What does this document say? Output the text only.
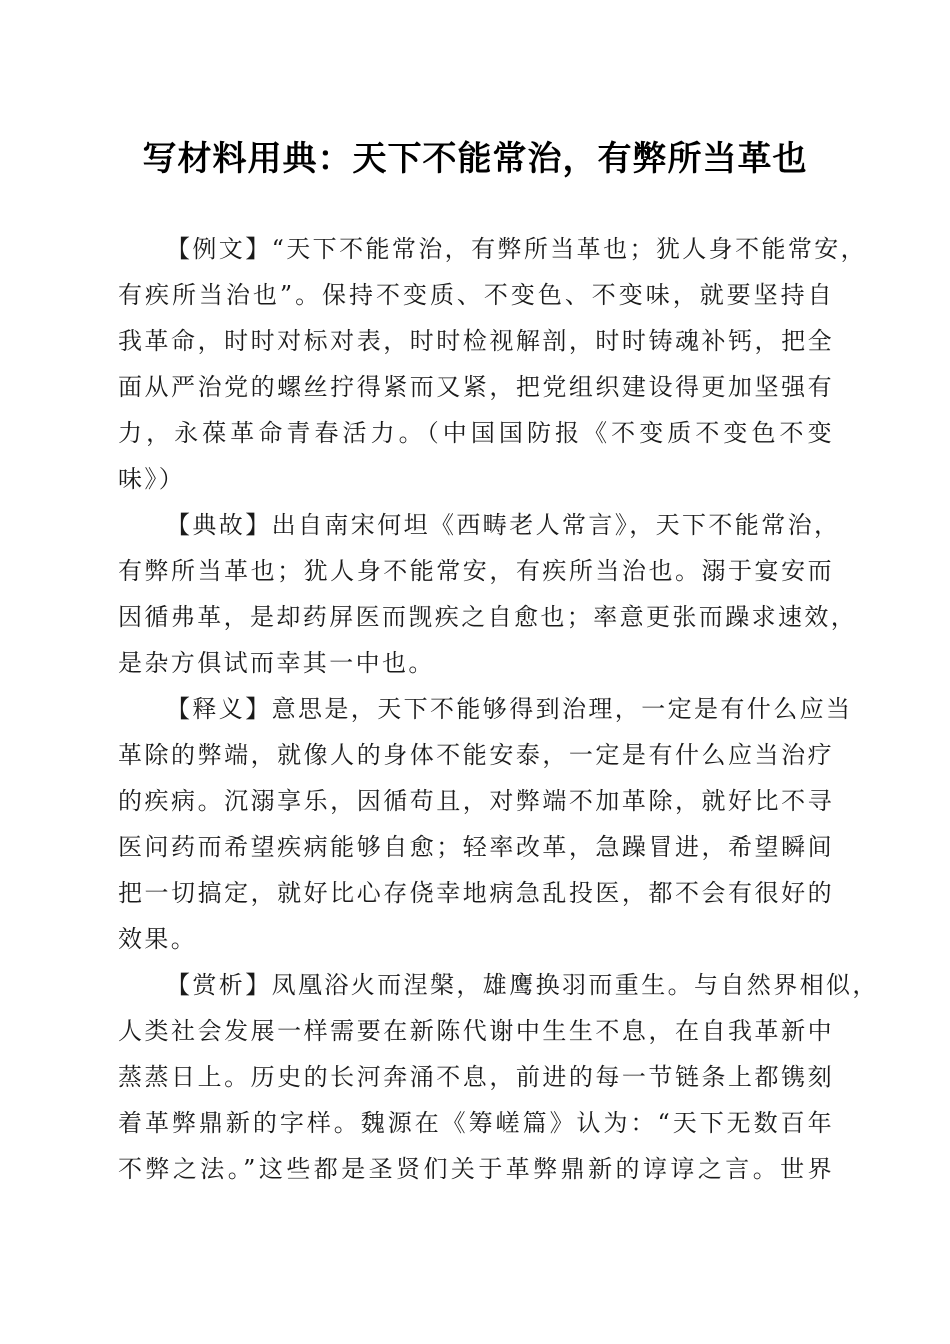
写材料用典：天下不能常治，有弊所当革也
【例文】“天下不能常治，有弊所当革也；犹人身不能常安，
有疾所当治也”。保持不变质、不变色、不变味，就要坚持自
我革命，时时对标对表，时时检视解剖，时时铸魂补钙，把全
面从严治党的螺丝拧得紧而又紧，把党组织建设得更加坚强有
力，永葆革命青春活力。（中国国防报《不变质不变色不变
味》）
【典故】出自南宋何坦《西畴老人常言》，天下不能常治，
有弊所当革也；犹人身不能常安，有疾所当治也。溺于宴安而
因循弗革，是却药屏医而觊疾之自愈也；率意更张而躁求速效，
是杂方俱试而幸其一中也。
【释义】意思是，天下不能够得到治理，一定是有什么应当
革除的弊端，就像人的身体不能安泰，一定是有什么应当治疗
的疾病。沉溺享乐，因循苟且，对弊端不加革除，就好比不寻
医问药而希望疾病能够自愈；轻率改革，急躁冒进，希望瞬间
把一切搞定，就好比心存侥幸地病急乱投医，都不会有很好的
效果。
【赏析】凤凰浴火而涅槃，雄鹰换羽而重生。与自然界相似，
人类社会发展一样需要在新陈代谢中生生不息，在自我革新中
蒸蒸日上。历史的长河奔涌不息，前进的每一节链条上都镌刻
着革弊鼎新的字样。魏源在《筹嵯篇》认为：“天下无数百年
不弊之法。”这些都是圣贤们关于革弊鼎新的谆谆之言。世界
